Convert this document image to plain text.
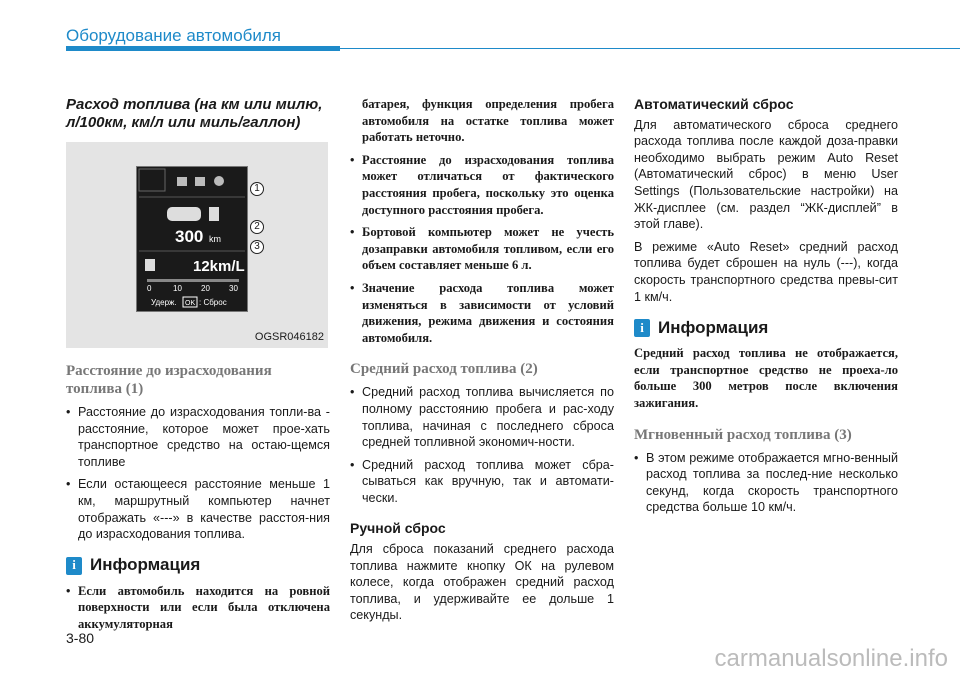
Оборудование автомобиля
Расход топлива (на км или милю, л/100км, км/л или миль/галлон)
300 km
12km/L
0	10 20 30
Удерж. OK : Сброс
1
2
3
OGSR046182
Расстояние до израсходования топлива (1)
• Расстояние до израсходования топли-ва - расстояние, которое может прое-хать транспортное средство на остаю-щемся топливе
• Если остающееся расстояние меньше 1 км, маршрутный компьютер начнет отображать «---» в качестве расстоя-ния до израсходования топлива.
i Информация
• Если автомобиль находится на ровной поверхности или если была отключена аккумуляторная

батарея, функция определения пробега автомобиля на остатке топлива может работать неточно.

• Расстояние до израсходования топлива может отличаться от фактического расстояния пробега, поскольку это оценка доступного расстояния пробега.
• Бортовой компьютер может не учесть дозаправки автомобиля топливом, если его объем составляет меньше 6 л.
• Значение расхода топлива может изменяться в зависимости от условий движения, режима движения и состояния автомобиля.
Средний расход топлива (2)
• Средний расход топлива вычисляется по полному расстоянию пробега и рас-ходу топлива, начиная с последнего сброса средней топливной экономич-ности.
• Средний расход топлива может сбра-сываться как вручную, так и автомати-чески.
Ручной сброс

Для сброса показаний среднего расхода топлива нажмите кнопку ОК на рулевом колесе, когда отображен средний расход топлива, и удерживайте ее дольше 1 секунды.

Автоматический сброс

Для автоматического сброса среднего расхода топлива после каждой доза-правки необходимо выбрать режим Auto Reset (Автоматический сброс) в меню User Settings (Пользовательские настройки) на ЖК-дисплее (см. раздел “ЖК-дисплей” в этой главе).

В режиме «Auto Reset» средний расход топлива будет сброшен на нуль (---), когда скорость транспортного средства превы-сит 1 км/ч.

i Информация

Средний расход топлива не отображается, если транспортное средство не проеха-ло больше 300 метров после включения зажигания.

Мгновенный расход топлива (3)
• В этом режиме отображается мгно-венный расход топлива за послед-ние несколько секунд, когда скорость транспортного средства больше 10 км/ч.
3-80
carmanualsonline.info
